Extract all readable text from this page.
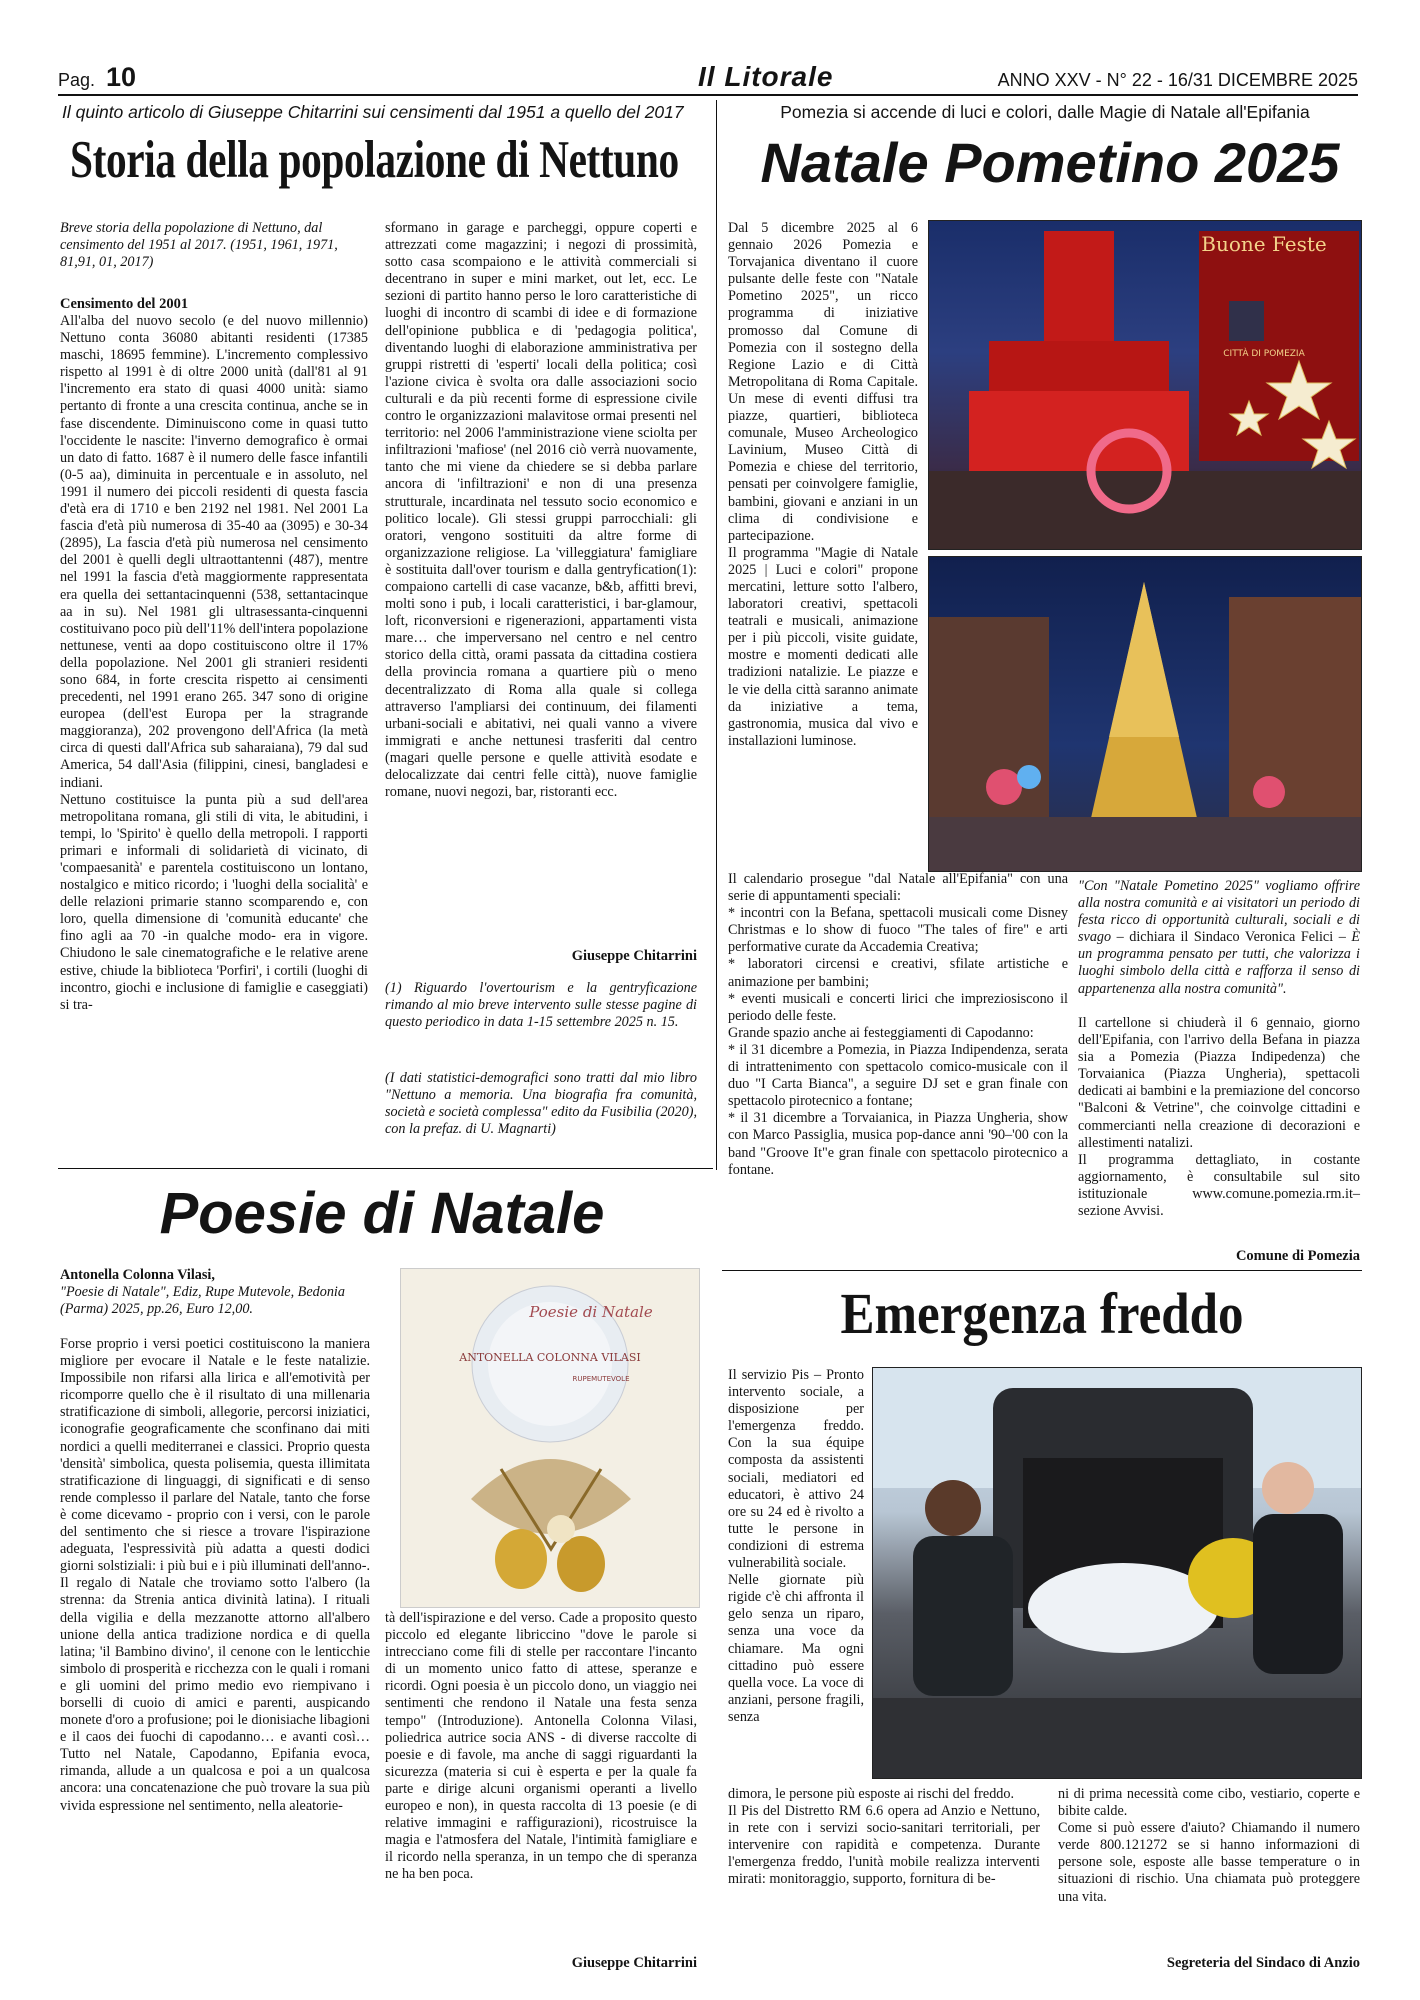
Pag. 10	Il Litorale	ANNO XXV - N° 22 - 16/31 DICEMBRE 2025
Il quinto articolo di Giuseppe Chitarrini sui censimenti dal 1951 a quello del 2017
Storia della popolazione di Nettuno
Breve storia della popolazione di Nettuno, dal censimento del 1951 al 2017. (1951, 1961, 1971, 81,91, 01, 2017)
Censimento del 2001
All'alba del nuovo secolo (e del nuovo millennio) Nettuno conta 36080 abitanti residenti (17385 maschi, 18695 femmine). L'incremento complessivo rispetto al 1991 è di oltre 2000 unità (dall'81 al 91 l'incremento era stato di quasi 4000 unità: siamo pertanto di fronte a una crescita continua, anche se in fase discendente. Diminuiscono come in quasi tutto l'occidente le nascite: l'inverno demografico è ormai un dato di fatto. 1687 è il numero delle fasce infantili (0-5 aa), diminuita in percentuale e in assoluto, nel 1991 il numero dei piccoli residenti di questa fascia d'età era di 1710 e ben 2192 nel 1981. Nel 2001 La fascia d'età più numerosa di 35-40 aa (3095) e 30-34 (2895), La fascia d'età più numerosa nel censimento del 2001 è quelli degli ultraottantenni (487), mentre nel 1991 la fascia d'età maggiormente rappresentata era quella dei settantacinquenni (538, settantacinque aa in su). Nel 1981 gli ultrasessanta-cinquenni costituivano poco più dell'11% dell'intera popolazione nettunese, venti aa dopo costituiscono oltre il 17% della popolazione. Nel 2001 gli stranieri residenti sono 684, in forte crescita rispetto ai censimenti precedenti, nel 1991 erano 265. 347 sono di origine europea (dell'est Europa per la stragrande maggioranza), 202 provengono dell'Africa (la metà circa di questi dall'Africa sub saharaiana), 79 dal sud America, 54 dall'Asia (filippini, cinesi, bangladesi e indiani.
Nettuno costituisce la punta più a sud dell'area metropolitana romana, gli stili di vita, le abitudini, i tempi, lo 'Spirito' è quello della metropoli. I rapporti primari e informali di solidarietà di vicinato, di 'compaesanità' e parentela costituiscono un lontano, nostalgico e mitico ricordo; i 'luoghi della socialità' e delle relazioni primarie stanno scomparendo e, con loro, quella dimensione di 'comunità educante' che fino agli aa 70 -in qualche modo- era in vigore. Chiudono le sale cinematografiche e le relative arene estive, chiude la biblioteca 'Porfiri', i cortili (luoghi di incontro, giochi e inclusione di famiglie e caseggiati) si tra-
sformano in garage e parcheggi, oppure coperti e attrezzati come magazzini; i negozi di prossimità, sotto casa scompaiono e le attività commerciali si decentrano in super e mini market, out let, ecc. Le sezioni di partito hanno perso le loro caratteristiche di luoghi di incontro di scambi di idee e di formazione dell'opinione pubblica e di 'pedagogia politica', diventando luoghi di elaborazione amministrativa per gruppi ristretti di 'esperti' locali della politica; così l'azione civica è svolta ora dalle associazioni socio culturali e da più recenti forme di espressione civile contro le organizzazioni malavitose ormai presenti nel territorio: nel 2006 l'amministrazione viene sciolta per infiltrazioni 'mafiose' (nel 2016 ciò verrà nuovamente, tanto che mi viene da chiedere se si debba parlare ancora di 'infiltrazioni' e non di una presenza strutturale, incardinata nel tessuto socio economico e politico locale). Gli stessi gruppi parrocchiali: gli oratori, vengono sostituiti da altre forme di organizzazione religiose. La 'villeggiatura' famigliare è sostituita dall'over tourism e dalla gentryfication(1): compaiono cartelli di case vacanze, b&b, affitti brevi, molti sono i pub, i locali caratteristici, i bar-glamour, loft, riconversioni e rigenerazioni, appartamenti vista mare… che imperversano nel centro e nel centro storico della città, orami passata da cittadina costiera della provincia romana a quartiere più o meno decentralizzato di Roma alla quale si collega attraverso l'ampliarsi dei continuum, dei filamenti urbani-sociali e abitativi, nei quali vanno a vivere immigrati e anche nettunesi trasferiti dal centro (magari quelle persone e quelle attività esodate e delocalizzate dai centri felle città), nuove famiglie romane, nuovi negozi, bar, ristoranti ecc.
Giuseppe Chitarrini
(1) Riguardo l'overtourism e la gentryficazione rimando al mio breve intervento sulle stesse pagine di questo periodico in data 1-15 settembre 2025 n. 15.
(I dati statistici-demografici sono tratti dal mio libro "Nettuno a memoria. Una biografia fra comunità, società e società complessa" edito da Fusibilia (2020), con la prefaz. di U. Magnarti)
Pomezia si accende di luci e colori, dalle Magie di Natale all'Epifania
Natale Pometino 2025
Dal 5 dicembre 2025 al 6 gennaio 2026 Pomezia e Torvajanica diventano il cuore pulsante delle feste con "Natale Pometino 2025", un ricco programma di iniziative promosso dal Comune di Pomezia con il sostegno della Regione Lazio e di Città Metropolitana di Roma Capitale. Un mese di eventi diffusi tra piazze, quartieri, biblioteca comunale, Museo Archeologico Lavinium, Museo Città di Pomezia e chiese del territorio, pensati per coinvolgere famiglie, bambini, giovani e anziani in un clima di condivisione e partecipazione.
Il programma "Magie di Natale 2025 | Luci e colori" propone mercatini, letture sotto l'albero, laboratori creativi, spettacoli teatrali e musicali, animazione per i più piccoli, visite guidate, mostre e momenti dedicati alle tradizioni natalizie. Le piazze e le vie della città saranno animate da iniziative a tema, gastronomia, musica dal vivo e installazioni luminose.
Buone Feste
CITTÀ DI POMEZIA
Il calendario prosegue "dal Natale all'Epifania" con una serie di appuntamenti speciali:
* incontri con la Befana, spettacoli musicali come Disney Christmas e lo show di fuoco "The tales of fire" e arti performative curate da Accademia Creativa;
* laboratori circensi e creativi, sfilate artistiche e animazione per bambini;
* eventi musicali e concerti lirici che impreziosiscono il periodo delle feste.
Grande spazio anche ai festeggiamenti di Capodanno:
* il 31 dicembre a Pomezia, in Piazza Indipendenza, serata di intrattenimento con spettacolo comico-musicale con il duo "I Carta Bianca", a seguire DJ set e gran finale con spettacolo pirotecnico a fontane;
* il 31 dicembre a Torvaianica, in Piazza Ungheria, show con Marco Passiglia, musica pop-dance anni '90–'00 con la band "Groove It"e gran finale con spettacolo pirotecnico a fontane.
"Con "Natale Pometino 2025" vogliamo offrire alla nostra comunità e ai visitatori un periodo di festa ricco di opportunità culturali, sociali e di svago – dichiara il Sindaco Veronica Felici – È un programma pensato per tutti, che valorizza i luoghi simbolo della città e rafforza il senso di appartenenza alla nostra comunità".
Il cartellone si chiuderà il 6 gennaio, giorno dell'Epifania, con l'arrivo della Befana in piazza sia a Pomezia (Piazza Indipedenza) che Torvaianica (Piazza Ungheria), spettacoli dedicati ai bambini e la premiazione del concorso "Balconi & Vetrine", che coinvolge cittadini e commercianti nella creazione di decorazioni e allestimenti natalizi.
Il programma dettagliato, in costante aggiornamento, è consultabile sul sito istituzionale www.comune.pomezia.rm.it– sezione Avvisi.
Comune di Pomezia
Poesie di Natale
Antonella Colonna Vilasi,
"Poesie di Natale", Ediz, Rupe Mutevole, Bedonia (Parma) 2025, pp.26, Euro 12,00.
Forse proprio i versi poetici costituiscono la maniera migliore per evocare il Natale e le feste natalizie. Impossibile non rifarsi alla lirica e all'emotività per ricomporre quello che è il risultato di una millenaria stratificazione di simboli, allegorie, percorsi iniziatici, iconografie geograficamente che sconfinano dai miti nordici a quelli mediterranei e classici. Proprio questa 'densità' simbolica, questa polisemia, questa illimitata stratificazione di linguaggi, di significati e di senso rende complesso il parlare del Natale, tanto che forse è come dicevamo - proprio con i versi, con le parole del sentimento che si riesce a trovare l'ispirazione adeguata, l'espressività più adatta a questi dodici giorni solstiziali: i più bui e i più illuminati dell'anno-. Il regalo di Natale che troviamo sotto l'albero (la strenna: da Strenia antica divinità latina). I rituali della vigilia e della mezzanotte attorno all'albero unione della antica tradizione nordica e di quella latina; 'il Bambino divino', il cenone con le lenticchie simbolo di prosperità e ricchezza con le quali i romani e gli uomini del primo medio evo riempivano i borselli di cuoio di amici e parenti, auspicando monete d'oro a profusione; poi le dionisiache libagioni e il caos dei fuochi di capodanno… e avanti così…Tutto nel Natale, Capodanno, Epifania evoca, rimanda, allude a un qualcosa e poi a un qualcosa ancora: una concatenazione che può trovare la sua più vivida espressione nel sentimento, nella aleatorie-
Poesie di Natale
ANTONELLA COLONNA VILASI
RUPEMUTEVOLE
tà dell'ispirazione e del verso. Cade a proposito questo piccolo ed elegante libriccino "dove le parole si intrecciano come fili di stelle per raccontare l'incanto di un momento unico fatto di attese, speranze e ricordi. Ogni poesia è un piccolo dono, un viaggio nei sentimenti che rendono il Natale una festa senza tempo" (Introduzione). Antonella Colonna Vilasi, poliedrica autrice socia ANS - di diverse raccolte di poesie e di favole, ma anche di saggi riguardanti la sicurezza (materia si cui è esperta e per la quale fa parte e dirige alcuni organismi operanti a livello europeo e non), in questa raccolta di 13 poesie (e di relative immagini e raffigurazioni), ricostruisce la magia e l'atmosfera del Natale, l'intimità famigliare e il ricordo nella speranza, in un tempo che di speranza ne ha ben poca.
Giuseppe Chitarrini
Emergenza freddo
Il servizio Pis – Pronto intervento sociale, a disposizione per l'emergenza freddo. Con la sua équipe composta da assistenti sociali, mediatori ed educatori, è attivo 24 ore su 24 ed è rivolto a tutte le persone in condizioni di estrema vulnerabilità sociale.
Nelle giornate più rigide c'è chi affronta il gelo senza un riparo, senza una voce da chiamare. Ma ogni cittadino può essere quella voce. La voce di anziani, persone fragili, senza
dimora, le persone più esposte ai rischi del freddo.
Il Pis del Distretto RM 6.6 opera ad Anzio e Nettuno, in rete con i servizi socio-sanitari territoriali, per intervenire con rapidità e competenza. Durante l'emergenza freddo, l'unità mobile realizza interventi mirati: monitoraggio, supporto, fornitura di be-
ni di prima necessità come cibo, vestiario, coperte e bibite calde.
Come si può essere d'aiuto? Chiamando il numero verde 800.121272 se si hanno informazioni di persone sole, esposte alle basse temperature o in situazioni di rischio. Una chiamata può proteggere una vita.
Segreteria del Sindaco di Anzio
